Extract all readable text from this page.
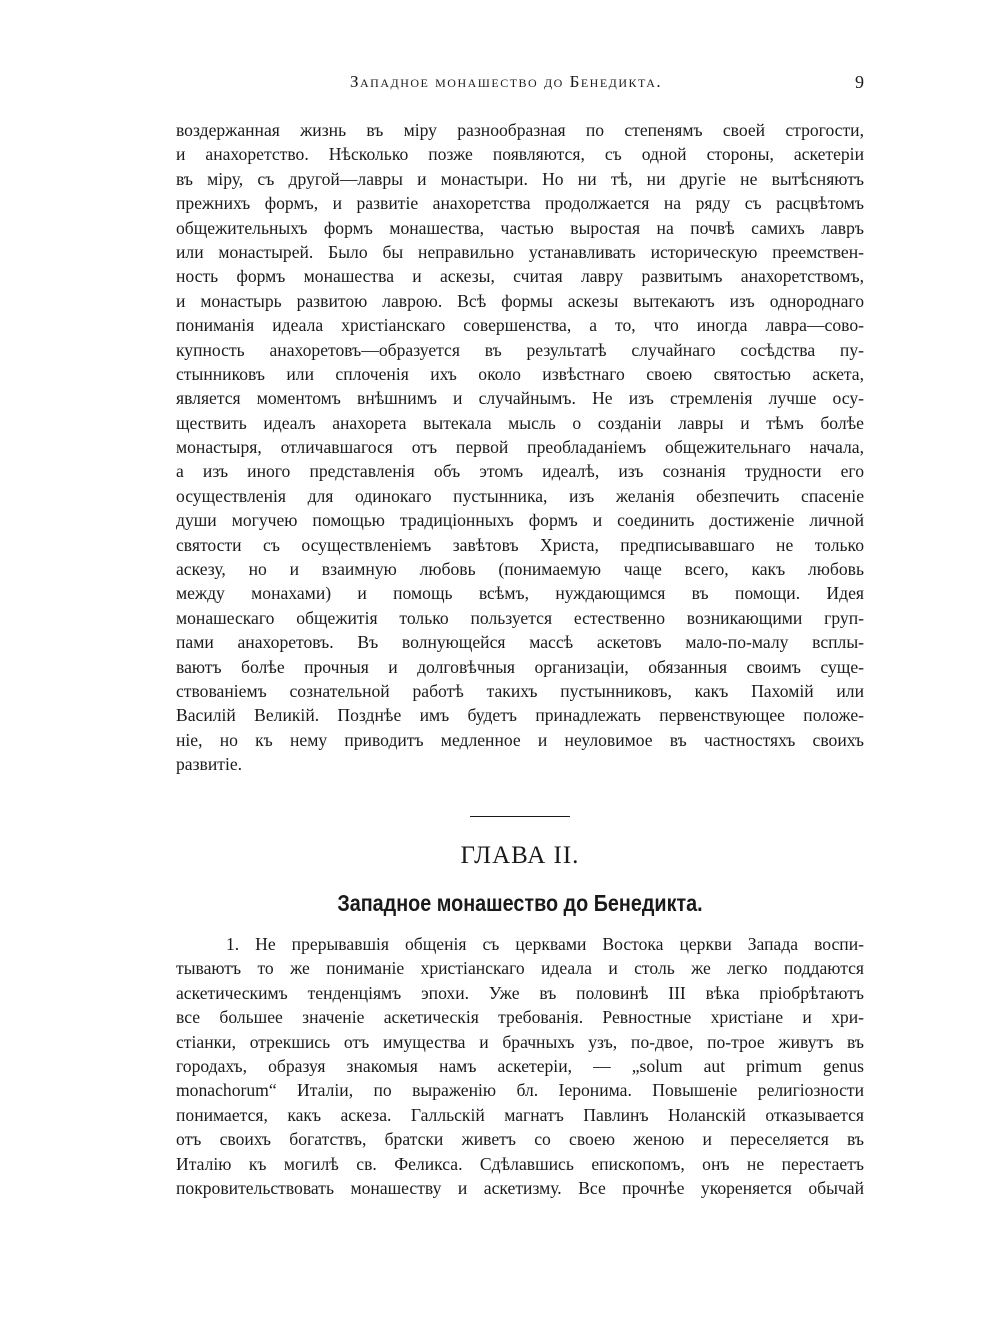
Западное монашество до Бенедикта.	9
воздержанная жизнь въ міру разнообразная по степенямъ своей строгости,
и анахоретство. Нѣсколько позже появляются, съ одной стороны, аскетеріи
въ міру, съ другой—лавры и монастыри. Но ни тѣ, ни другіе не вытѣсняютъ
прежнихъ формъ, и развитіе анахоретства продолжается на ряду съ расцвѣтомъ
общежительныхъ формъ монашества, частью выростая на почвѣ самихъ лавръ
или монастырей. Было бы неправильно устанавливать историческую преемствен-
ность формъ монашества и аскезы, считая лавру развитымъ анахоретствомъ,
и монастырь развитою лаврою. Всѣ формы аскезы вытекаютъ изъ однороднаго
пониманія идеала христіанскаго совершенства, а то, что иногда лавра—сово-
купность анахоретовъ—образуется въ результатѣ случайнаго сосѣдства пу-
стынниковъ или сплоченія ихъ около извѣстнаго своею святостью аскета,
является моментомъ внѣшнимъ и случайнымъ. Не изъ стремленія лучше осу-
ществить идеалъ анахорета вытекала мысль о созданіи лавры и тѣмъ болѣе
монастыря, отличавшагося отъ первой преобладаніемъ общежительнаго начала,
а изъ иного представленія объ этомъ идеалѣ, изъ сознанія трудности его
осуществленія для одинокаго пустынника, изъ желанія обезпечить спасеніе
души могучею помощью традиціонныхъ формъ и соединить достиженіе личной
святости съ осуществленіемъ завѣтовъ Христа, предписывавшаго не только
аскезу, но и взаимную любовь (понимаемую чаще всего, какъ любовь
между монахами) и помощь всѣмъ, нуждающимся въ помощи. Идея
монашескаго общежитія только пользуется естественно возникающими груп-
пами анахоретовъ. Въ волнующейся массѣ аскетовъ мало-по-малу всплы-
ваютъ болѣе прочныя и долговѣчныя организаціи, обязанныя своимъ суще-
ствованіемъ сознательной работѣ такихъ пустынниковъ, какъ Пахомій или
Василій Великій. Позднѣе имъ будетъ принадлежать первенствующее положе-
ніе, но къ нему приводитъ медленное и неуловимое въ частностяхъ своихъ
развитіе.
ГЛАВА II.
Западное монашество до Бенедикта.
1. Не прерывавшія общенія съ церквами Востока церкви Запада воспи-
тываютъ то же пониманіе христіанскаго идеала и столь же легко поддаются
аскетическимъ тенденціямъ эпохи. Уже въ половинѣ III вѣка пріобрѣтаютъ
все большее значеніе аскетическія требованія. Ревностные христіане и хри-
стіанки, отрекшись отъ имущества и брачныхъ узъ, по-двое, по-трое живутъ въ
городахъ, образуя знакомыя намъ аскетеріи, — „solum aut primum genus
monachorum“ Италіи, по выраженію бл. Іеронима. Повышеніе религіозности
понимается, какъ аскеза. Галльскій магнатъ Павлинъ Ноланскій отказывается
отъ своихъ богатствъ, братски живетъ со своею женою и переселяется въ
Италію къ могилѣ св. Феликса. Сдѣлавшись епископомъ, онъ не перестаетъ
покровительствовать монашеству и аскетизму. Все прочнѣе укореняется обычай
